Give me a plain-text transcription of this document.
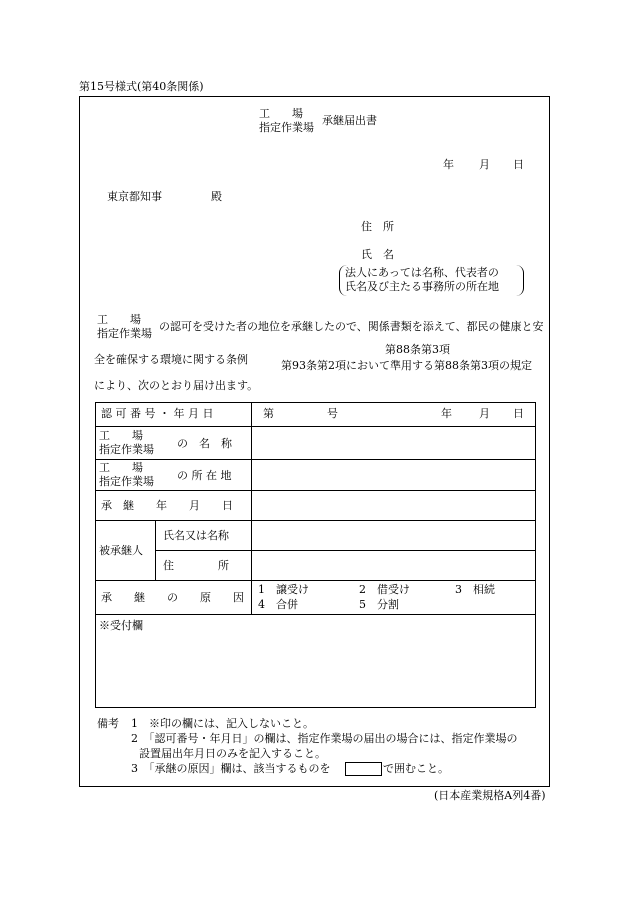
第15号様式(第40条関係)
工　　場
指定作業場
承継届出書
年 月 日
東京都知事	殿
住　所
氏　名
法人にあっては名称、代表者の
氏名及び主たる事務所の所在地
工　　場
指定作業場
の認可を受けた者の地位を承継したので、関係書類を添えて、都民の健康と安
全を確保する環境に関する条例
第88条第3項
第93条第2項において準用する第88条第3項の規定
により、次のとおり届け出ます。
認 可 番 号 ・ 年 月 日	第	号	年 月 日
工　　場
指定作業場 の　名　称
工　　場
指定作業場 の 所 在 地
承　継　　年　　月　　日
被承継人
氏名又は名称
住　　　　所
承　　継　　の　　原　　因
1　譲受け	2　借受け	3　相続
4　合併	5　分割
※受付欄
備考 1　※印の欄には、記入しないこと。
2　「認可番号・年月日」の欄は、指定作業場の届出の場合には、指定作業場の
設置届出年月日のみを記入すること。
3　「承継の原因」欄は、該当するものを	で囲むこと。
(日本産業規格A列4番)
